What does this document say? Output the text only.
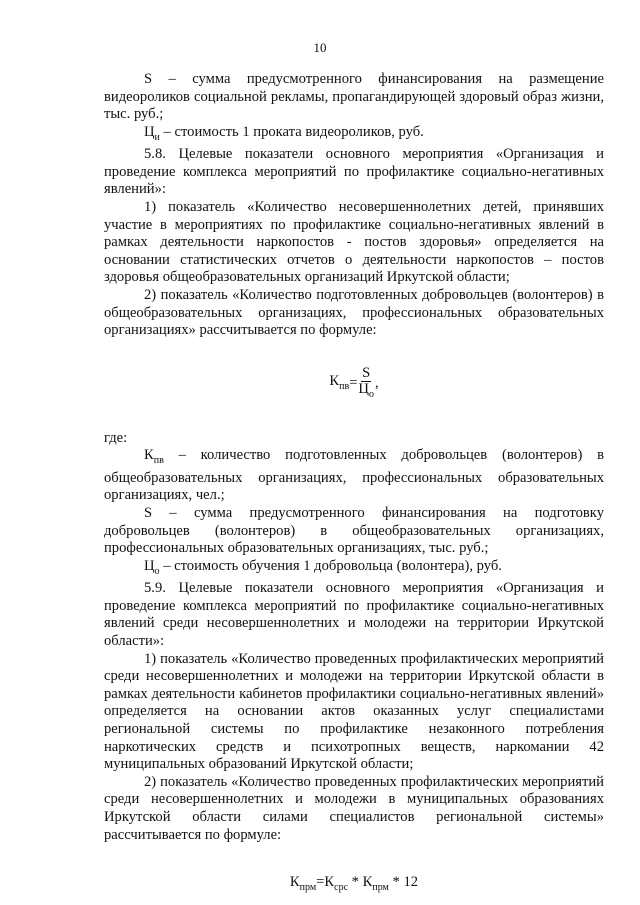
10

S – сумма предусмотренного финансирования на размещение видеороликов социальной рекламы, пропагандирующей здоровый образ жизни, тыс. руб.;

$Ц_и$ – стоимость 1 проката видеороликов, руб.

5.8. Целевые показатели основного мероприятия «Организация и проведение комплекса мероприятий по профилактике социально-негативных явлений»:

1) показатель «Количество несовершеннолетних детей, принявших участие в мероприятиях по профилактике социально-негативных явлений в рамках деятельности наркопостов - постов здоровья» определяется на основании статистических отчетов о деятельности наркопостов – постов здоровья общеобразовательных организаций Иркутской области;

2) показатель «Количество подготовленных добровольцев (волонтеров) в общеобразовательных организациях, профессиональных образовательных организациях» рассчитывается по формуле:

$К_{пв} = \frac{S}{Ц_о}$ ,

где:

$К_{пв}$ – количество подготовленных добровольцев (волонтеров) в общеобразовательных организациях, профессиональных образовательных организациях, чел.;

S – сумма предусмотренного финансирования на подготовку добровольцев (волонтеров) в общеобразовательных организациях, профессиональных образовательных организациях, тыс. руб.;

$Ц_о$ – стоимость обучения 1 добровольца (волонтера), руб.

5.9. Целевые показатели основного мероприятия «Организация и проведение комплекса мероприятий по профилактике социально-негативных явлений среди несовершеннолетних и молодежи на территории Иркутской области»:

1) показатель «Количество проведенных профилактических мероприятий среди несовершеннолетних и молодежи на территории Иркутской области в рамках деятельности кабинетов профилактики социально-негативных явлений» определяется на основании актов оказанных услуг специалистами региональной системы по профилактике незаконного потребления наркотических средств и психотропных веществ, наркомании 42 муниципальных образований Иркутской области;

2) показатель «Количество проведенных профилактических мероприятий среди несовершеннолетних и молодежи в муниципальных образованиях Иркутской области силами специалистов региональной системы» рассчитывается по формуле:

$К_{прм}=К_{срс} * К_{прм} * 12$
